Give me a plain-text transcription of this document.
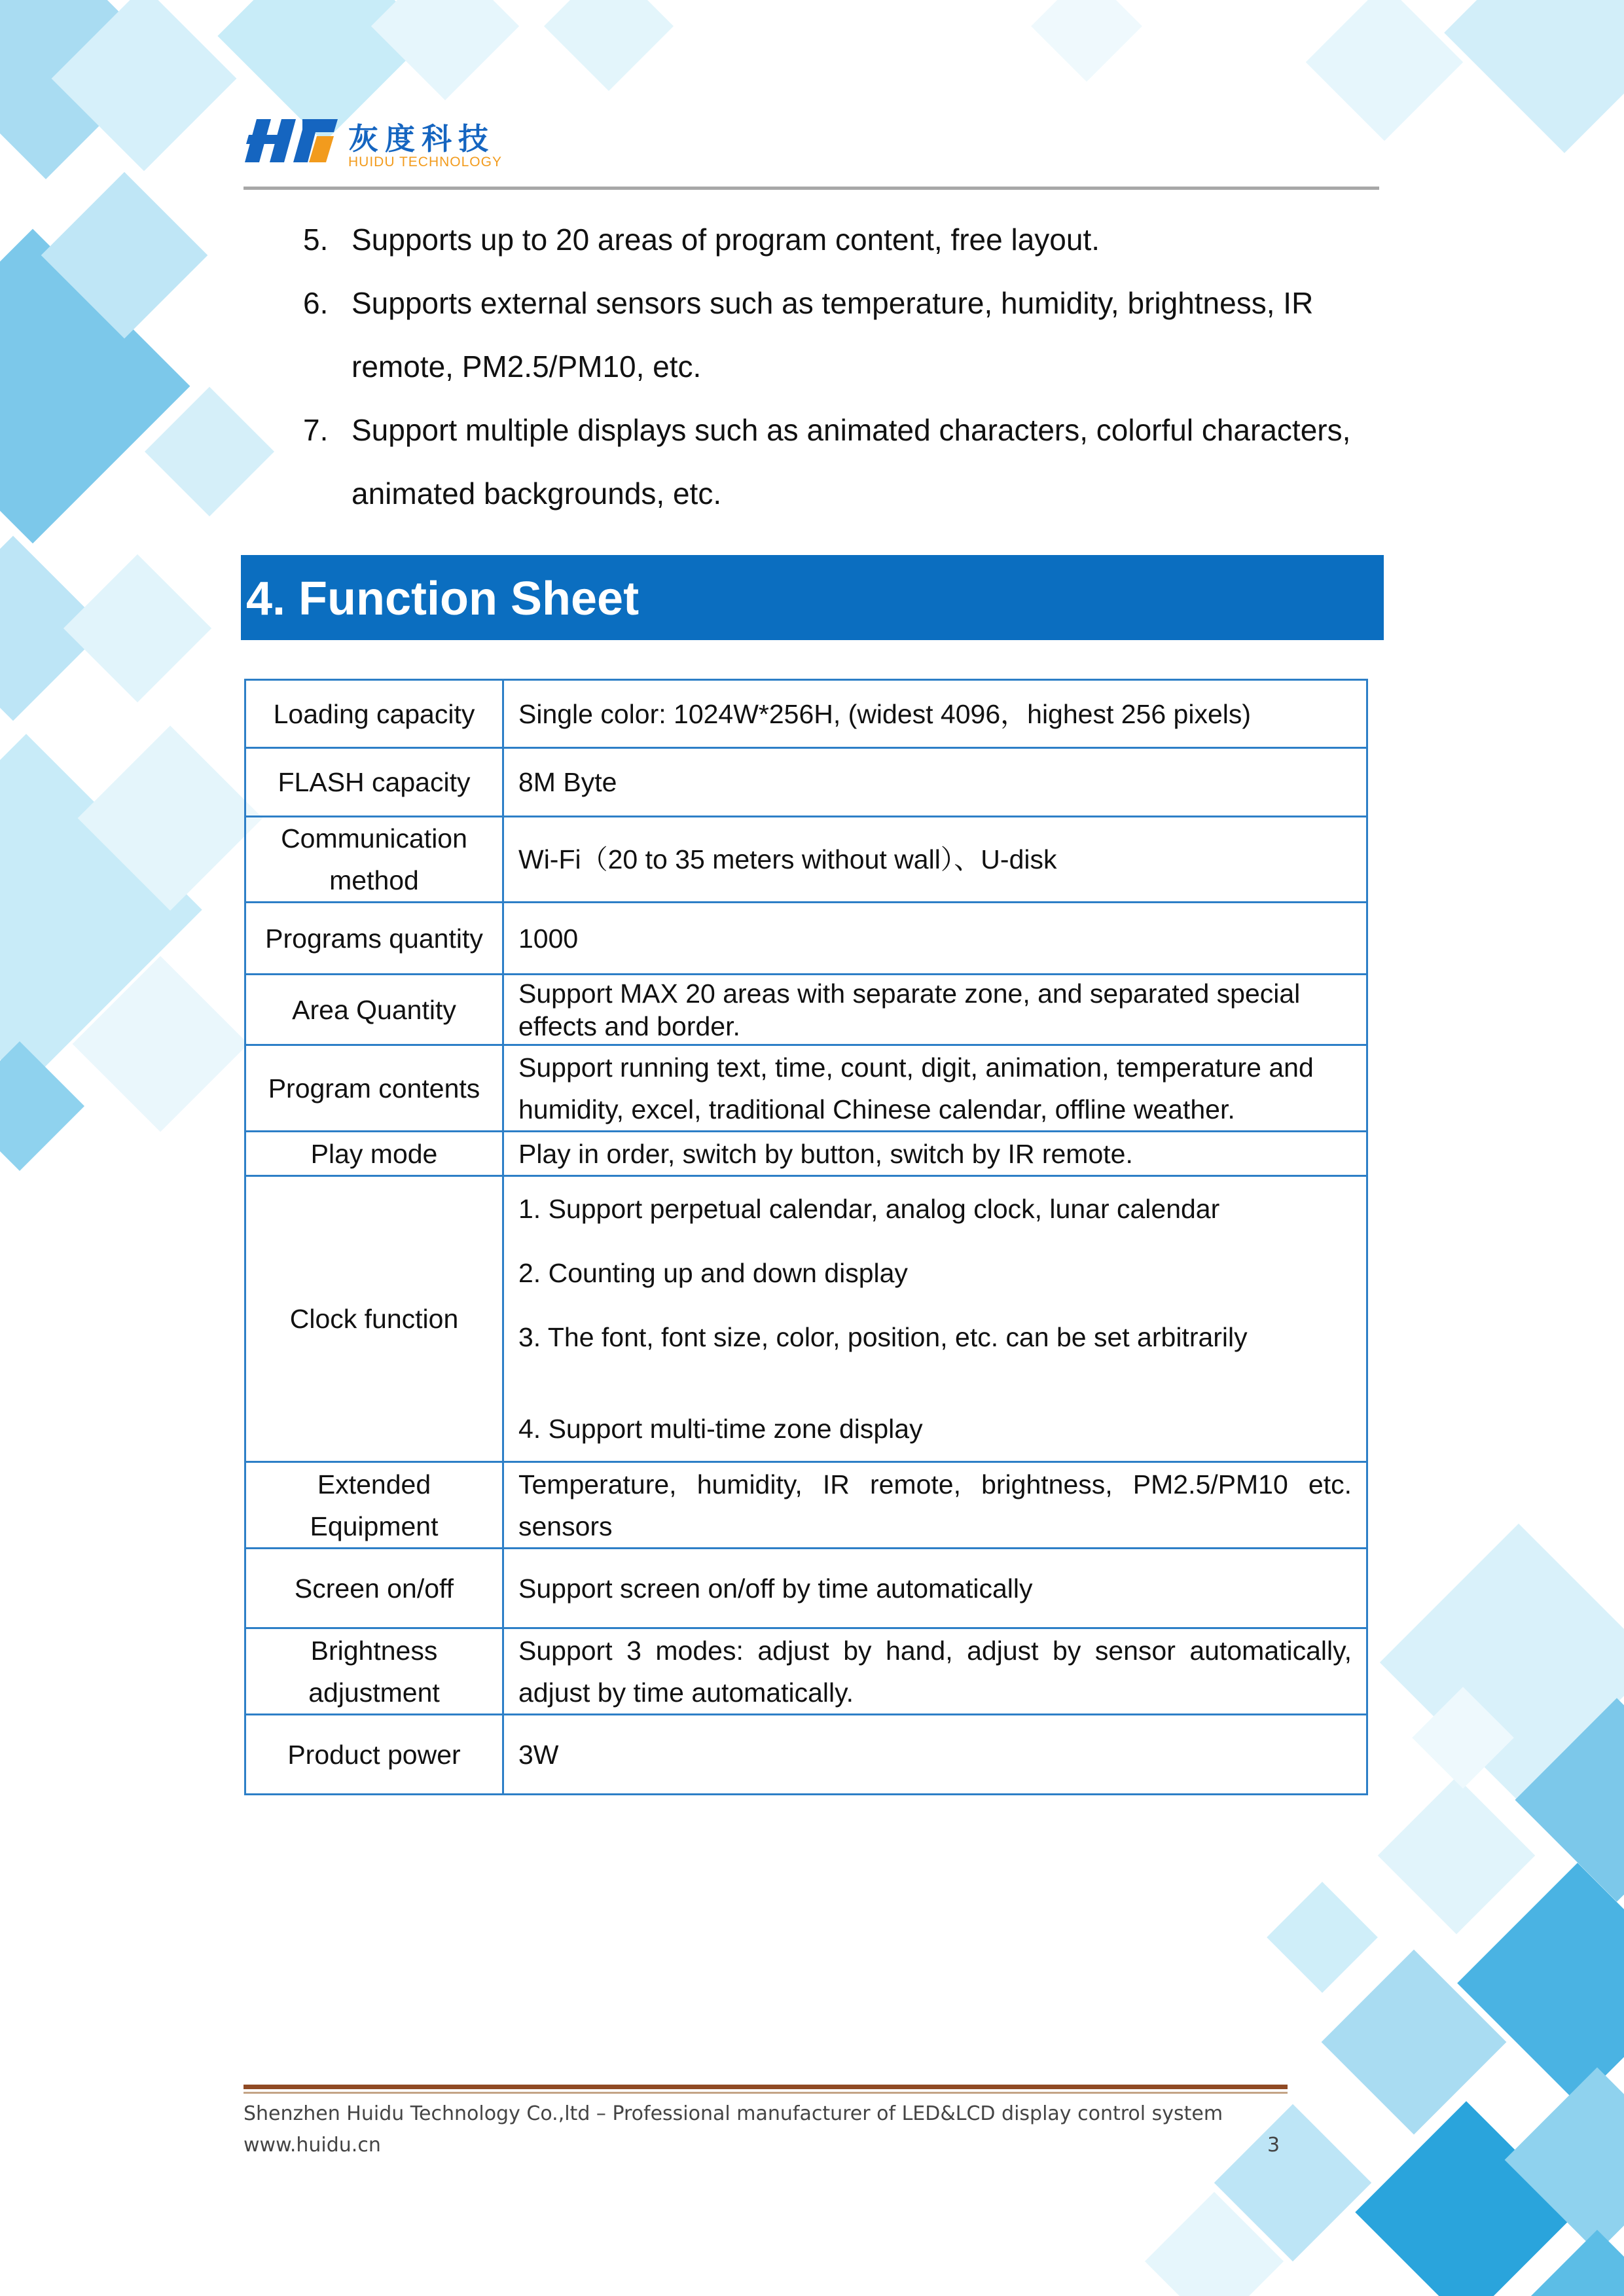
灰度科技
HUIDU TECHNOLOGY
5. Supports up to 20 areas of program content, free layout.
6. Supports external sensors such as temperature, humidity, brightness, IR remote, PM2.5/PM10, etc.
7. Support multiple displays such as animated characters, colorful characters, animated backgrounds, etc.
4. Function Sheet
Loading capacity	Single color: 1024W*256H, (widest 4096，highest 256 pixels)
FLASH capacity	8M Byte
Communication method	Wi-Fi（20 to 35 meters without wall）、U-disk
Programs quantity	1000
Area Quantity	Support MAX 20 areas with separate zone, and separated special effects and border.
Program contents	Support running text, time, count, digit, animation, temperature and humidity, excel, traditional Chinese calendar, offline weather.
Play mode	Play in order, switch by button, switch by IR remote.
Clock function	1. Support perpetual calendar, analog clock, lunar calendar

2. Counting up and down display

3. The font, font size, color, position, etc. can be set arbitrarily

4. Support multi-time zone display

Extended Equipment	Temperature, humidity, IR remote, brightness, PM2.5/PM10 etc. sensors
Screen on/off	Support screen on/off by time automatically
Brightness adjustment	Support 3 modes: adjust by hand, adjust by sensor automatically, adjust by time automatically.
Product power	3W
Shenzhen Huidu Technology Co.,ltd – Professional manufacturer of LED&LCD display control system
www.huidu.cn	3
